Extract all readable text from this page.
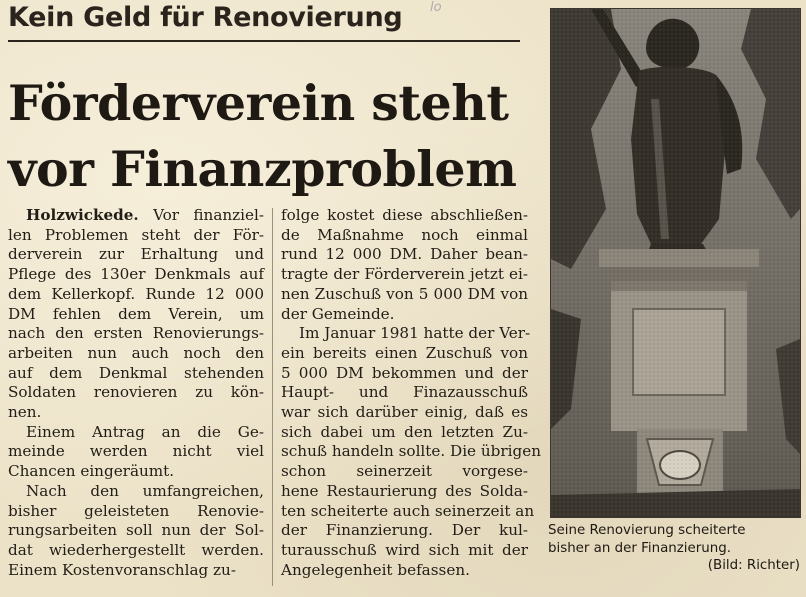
lo
Kein Geld für Renovierung
Förderverein steht
vor Finanzproblem

Holzwickede. Vor finanziel-
len Problemen steht der För-
derverein zur Erhaltung und
Pflege des 130er Denkmals auf
dem Kellerkopf. Runde 12 000
DM fehlen dem Verein, um
nach den ersten Renovierungs-
arbeiten nun auch noch den
auf dem Denkmal stehenden
Soldaten renovieren zu kön-
nen.

Einem Antrag an die Ge-
meinde werden nicht viel
Chancen eingeräumt.

Nach den umfangreichen,
bisher geleisteten Renovie-
rungsarbeiten soll nun der Sol-
dat wiederhergestellt werden.
Einem Kostenvoranschlag zu-

folge kostet diese abschließen-
de Maßnahme noch einmal
rund 12 000 DM. Daher bean-
tragte der Förderverein jetzt ei-
nen Zuschuß von 5 000 DM von
der Gemeinde.

Im Januar 1981 hatte der Ver-
ein bereits einen Zuschuß von
5 000 DM bekommen und der
Haupt- und Finazausschuß
war sich darüber einig, daß es
sich dabei um den letzten Zu-
schuß handeln sollte. Die übrigen
schon seinerzeit vorgese-
hene Restaurierung des Solda-
ten scheiterte auch seinerzeit an
der Finanzierung. Der kul-
turausschuß wird sich mit der
Angelegenheit befassen.

Seine Renovierung scheiterte
bisher an der Finanzierung.
(Bild: Richter)
